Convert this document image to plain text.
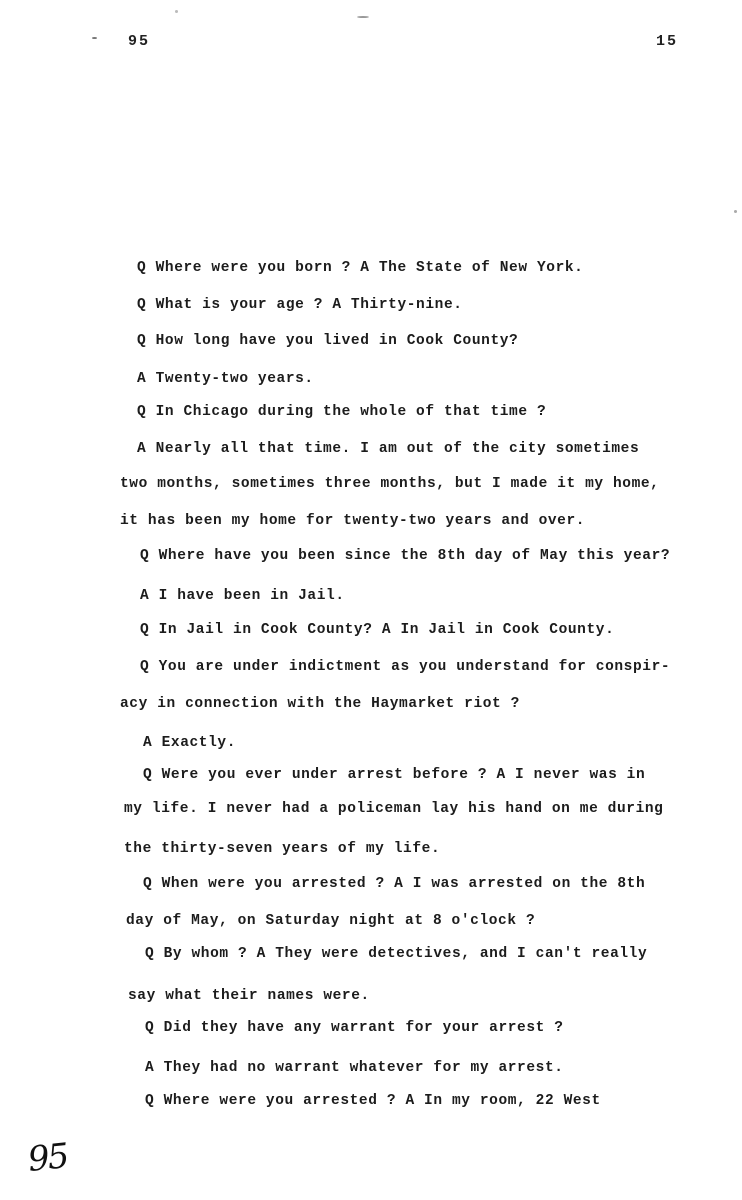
95	15
Q Where were you born ? A The State of New York.
Q What is your age ? A Thirty-nine.
Q How long have you lived in Cook County?
A Twenty-two years.
Q In Chicago during the whole of that time ?
A Nearly all that time. I am out of the city sometimes
two months, sometimes three months, but I made it my home,
it has been my home for twenty-two years and over.
Q Where have you been since the 8th day of May this year?
A I have been in Jail.
Q In Jail in Cook County? A In Jail in Cook County.
Q You are under indictment as you understand for conspir-
acy in connection with the Haymarket riot ?
A Exactly.
Q Were you ever under arrest before ? A I never was in
my life. I never had a policeman lay his hand on me during
the thirty-seven years of my life.
Q When were you arrested ? A I was arrested on the 8th
day of May, on Saturday night at 8 o'clock ?
Q By whom ? A They were detectives, and I can't really
say what their names were.
Q Did they have any warrant for your arrest ?
A They had no warrant whatever for my arrest.
Q Where were you arrested ? A In my room, 22 West
95
